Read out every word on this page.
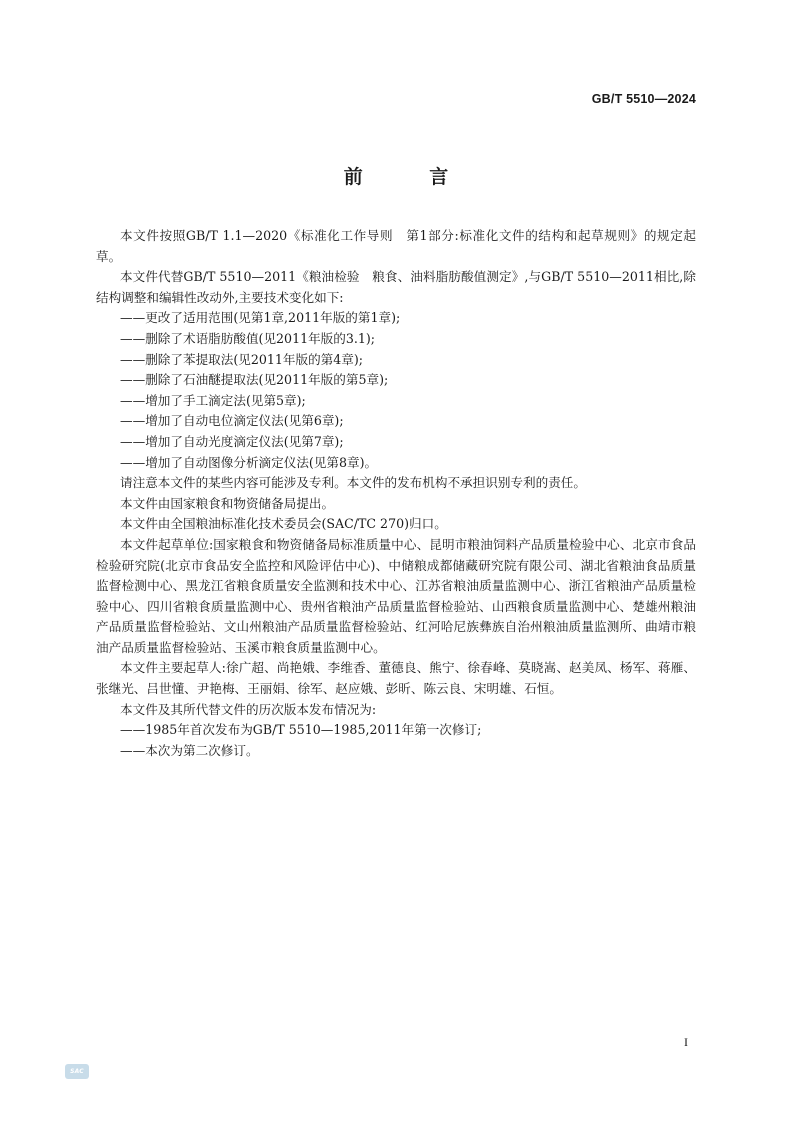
GB/T 5510—2024
前 言

本文件按照GB/T 1.1—2020《标准化工作导则　第1部分:标准化文件的结构和起草规则》的规定起草。

本文件代替GB/T 5510—2011《粮油检验　粮食、油料脂肪酸值测定》,与GB/T 5510—2011相比,除结构调整和编辑性改动外,主要技术变化如下:

——更改了适用范围(见第1章,2011年版的第1章);

——删除了术语脂肪酸值(见2011年版的3.1);

——删除了苯提取法(见2011年版的第4章);

——删除了石油醚提取法(见2011年版的第5章);

——增加了手工滴定法(见第5章);

——增加了自动电位滴定仪法(见第6章);

——增加了自动光度滴定仪法(见第7章);

——增加了自动图像分析滴定仪法(见第8章)。

请注意本文件的某些内容可能涉及专利。本文件的发布机构不承担识别专利的责任。

本文件由国家粮食和物资储备局提出。

本文件由全国粮油标准化技术委员会(SAC/TC 270)归口。

本文件起草单位:国家粮食和物资储备局标准质量中心、昆明市粮油饲料产品质量检验中心、北京市食品检验研究院(北京市食品安全监控和风险评估中心)、中储粮成都储藏研究院有限公司、湖北省粮油食品质量监督检测中心、黑龙江省粮食质量安全监测和技术中心、江苏省粮油质量监测中心、浙江省粮油产品质量检验中心、四川省粮食质量监测中心、贵州省粮油产品质量监督检验站、山西粮食质量监测中心、楚雄州粮油产品质量监督检验站、文山州粮油产品质量监督检验站、红河哈尼族彝族自治州粮油质量监测所、曲靖市粮油产品质量监督检验站、玉溪市粮食质量监测中心。

本文件主要起草人:徐广超、尚艳娥、李维香、董德良、熊宁、徐春峰、莫晓嵩、赵美凤、杨军、蒋雁、张继光、吕世懂、尹艳梅、王丽娟、徐军、赵应娥、彭昕、陈云良、宋明雄、石恒。

本文件及其所代替文件的历次版本发布情况为:

——1985年首次发布为GB/T 5510—1985,2011年第一次修订;

——本次为第二次修订。

I
SAC
